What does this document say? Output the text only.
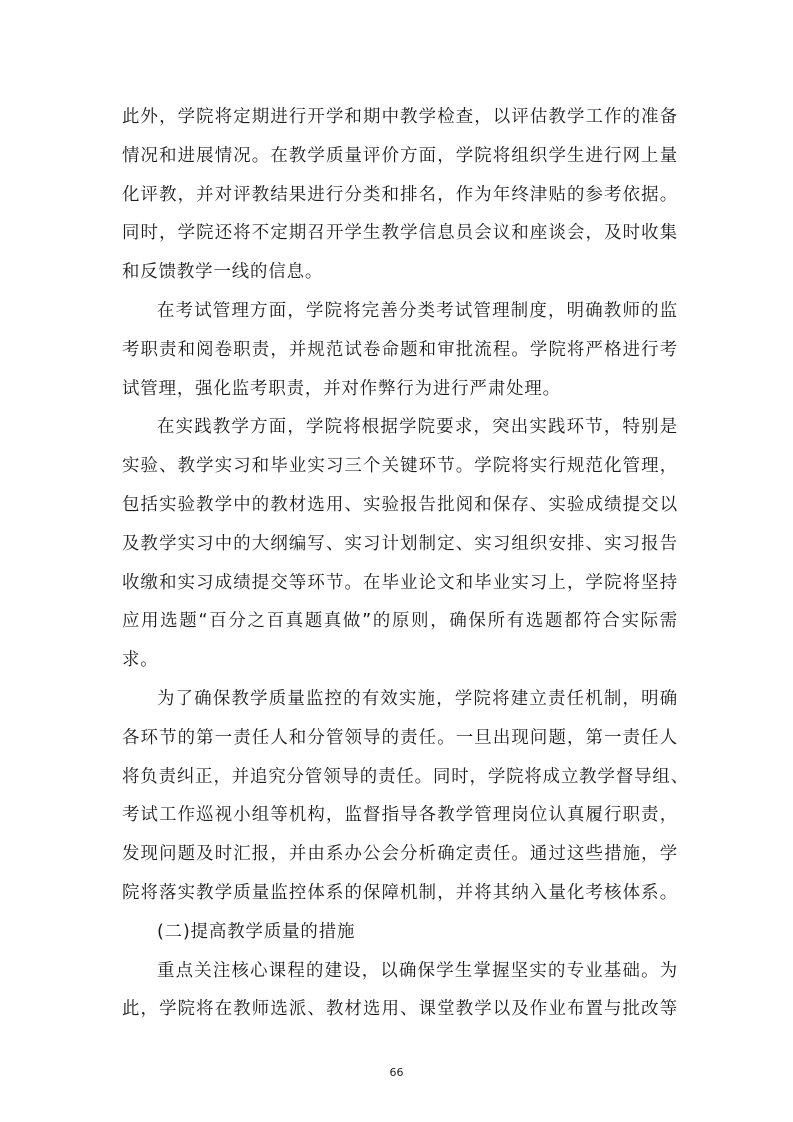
此外，学院将定期进行开学和期中教学检查，以评估教学工作的准备
情况和进展情况。在教学质量评价方面，学院将组织学生进行网上量
化评教，并对评教结果进行分类和排名，作为年终津贴的参考依据。
同时，学院还将不定期召开学生教学信息员会议和座谈会，及时收集
和反馈教学一线的信息。
在考试管理方面，学院将完善分类考试管理制度，明确教师的监
考职责和阅卷职责，并规范试卷命题和审批流程。学院将严格进行考
试管理，强化监考职责，并对作弊行为进行严肃处理。
在实践教学方面，学院将根据学院要求，突出实践环节，特别是
实验、教学实习和毕业实习三个关键环节。学院将实行规范化管理，
包括实验教学中的教材选用、实验报告批阅和保存、实验成绩提交以
及教学实习中的大纲编写、实习计划制定、实习组织安排、实习报告
收缴和实习成绩提交等环节。在毕业论文和毕业实习上，学院将坚持
应用选题“百分之百真题真做”的原则，确保所有选题都符合实际需
求。
为了确保教学质量监控的有效实施，学院将建立责任机制，明确
各环节的第一责任人和分管领导的责任。一旦出现问题，第一责任人
将负责纠正，并追究分管领导的责任。同时，学院将成立教学督导组、
考试工作巡视小组等机构，监督指导各教学管理岗位认真履行职责，
发现问题及时汇报，并由系办公会分析确定责任。通过这些措施，学
院将落实教学质量监控体系的保障机制，并将其纳入量化考核体系。
(二)提高教学质量的措施
重点关注核心课程的建设，以确保学生掌握坚实的专业基础。为
此，学院将在教师选派、教材选用、课堂教学以及作业布置与批改等
66
